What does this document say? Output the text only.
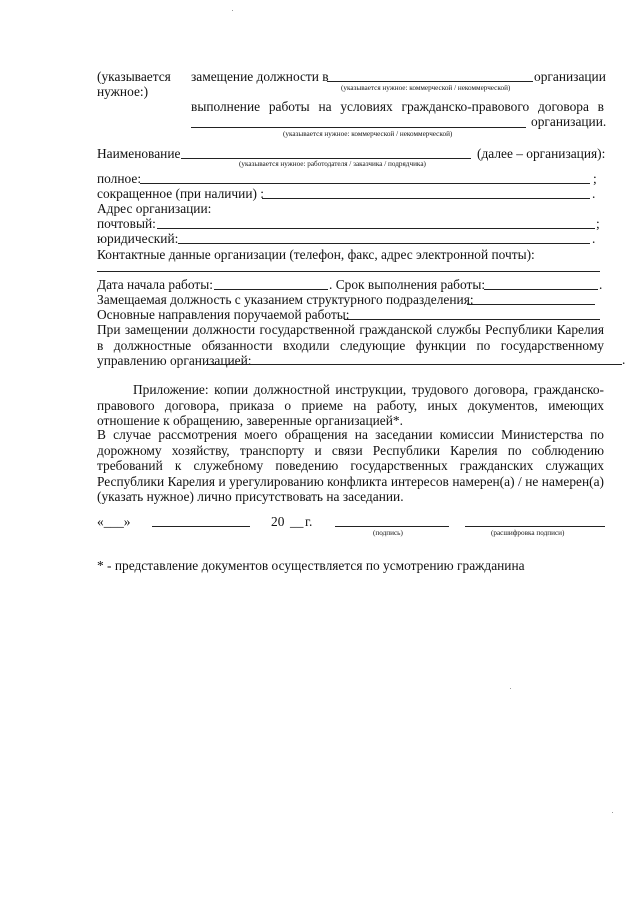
(указывается
нужное:)
замещение должности в	организации
(указывается нужное: коммерческой / некоммерческой)
выполнение работы на условиях гражданско-правового договора в
организации.
(указывается нужное: коммерческой / некоммерческой)
Наименование	(далее – организация):
(указывается нужное: работодателя / заказчика / подрядчика)
полное:	;
сокращенное (при наличии) :	.
Адрес организации:
почтовый:	;
юридический:	.
Контактные данные организации (телефон, факс, адрес электронной почты):
Дата начала работы:	. Срок выполнения работы:	.
Замещаемая должность с указанием структурного подразделения:
Основные направления поручаемой работы:
При замещении должности государственной гражданской службы Республики Карелия в должностные обязанности входили следующие функции по государственному управлению организацией:	.
Приложение: копии должностной инструкции, трудового договора, гражданско-правового договора, приказа о приеме на работу, иных документов, имеющих отношение к обращению, заверенные организацией*.
В случае рассмотрения моего обращения на заседании комиссии Министерства по дорожному хозяйству, транспорту и связи Республики Карелия по соблюдению требований к служебному поведению государственных гражданских служащих Республики Карелия и урегулированию конфликта интересов намерен(а) / не намерен(а) (указать нужное) лично присутствовать на заседании.
«___»	20 __ г.
(подпись)	(расшифровка подписи)
* - представление документов осуществляется по усмотрению гражданина
